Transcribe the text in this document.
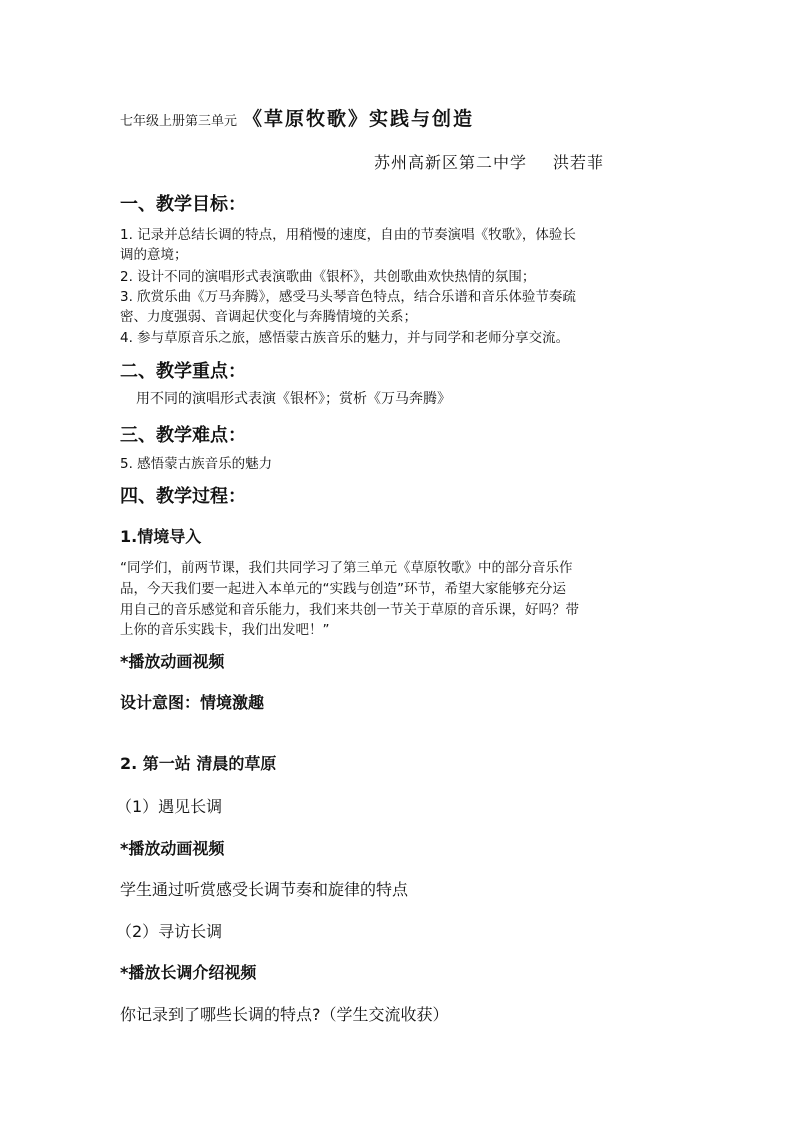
七年级上册第三单元 《草原牧歌》实践与创造
苏州高新区第二中学 洪若菲
一、教学目标：
1. 记录并总结长调的特点，用稍慢的速度，自由的节奏演唱《牧歌》，体验长
调的意境；
2. 设计不同的演唱形式表演歌曲《银杯》，共创歌曲欢快热情的氛围；
3. 欣赏乐曲《万马奔腾》，感受马头琴音色特点，结合乐谱和音乐体验节奏疏
密、力度强弱、音调起伏变化与奔腾情境的关系；
4. 参与草原音乐之旅，感悟蒙古族音乐的魅力，并与同学和老师分享交流。
二、教学重点：
用不同的演唱形式表演《银杯》；赏析《万马奔腾》
三、教学难点：
5. 感悟蒙古族音乐的魅力
四、教学过程：
1.情境导入
“同学们，前两节课，我们共同学习了第三单元《草原牧歌》中的部分音乐作
品，今天我们要一起进入本单元的“实践与创造”环节，希望大家能够充分运
用自己的音乐感觉和音乐能力，我们来共创一节关于草原的音乐课，好吗？带
上你的音乐实践卡，我们出发吧！”
*播放动画视频
设计意图：情境激趣
2. 第一站 清晨的草原
（1）遇见长调
*播放动画视频
学生通过听赏感受长调节奏和旋律的特点
（2）寻访长调
*播放长调介绍视频
你记录到了哪些长调的特点?（学生交流收获）
